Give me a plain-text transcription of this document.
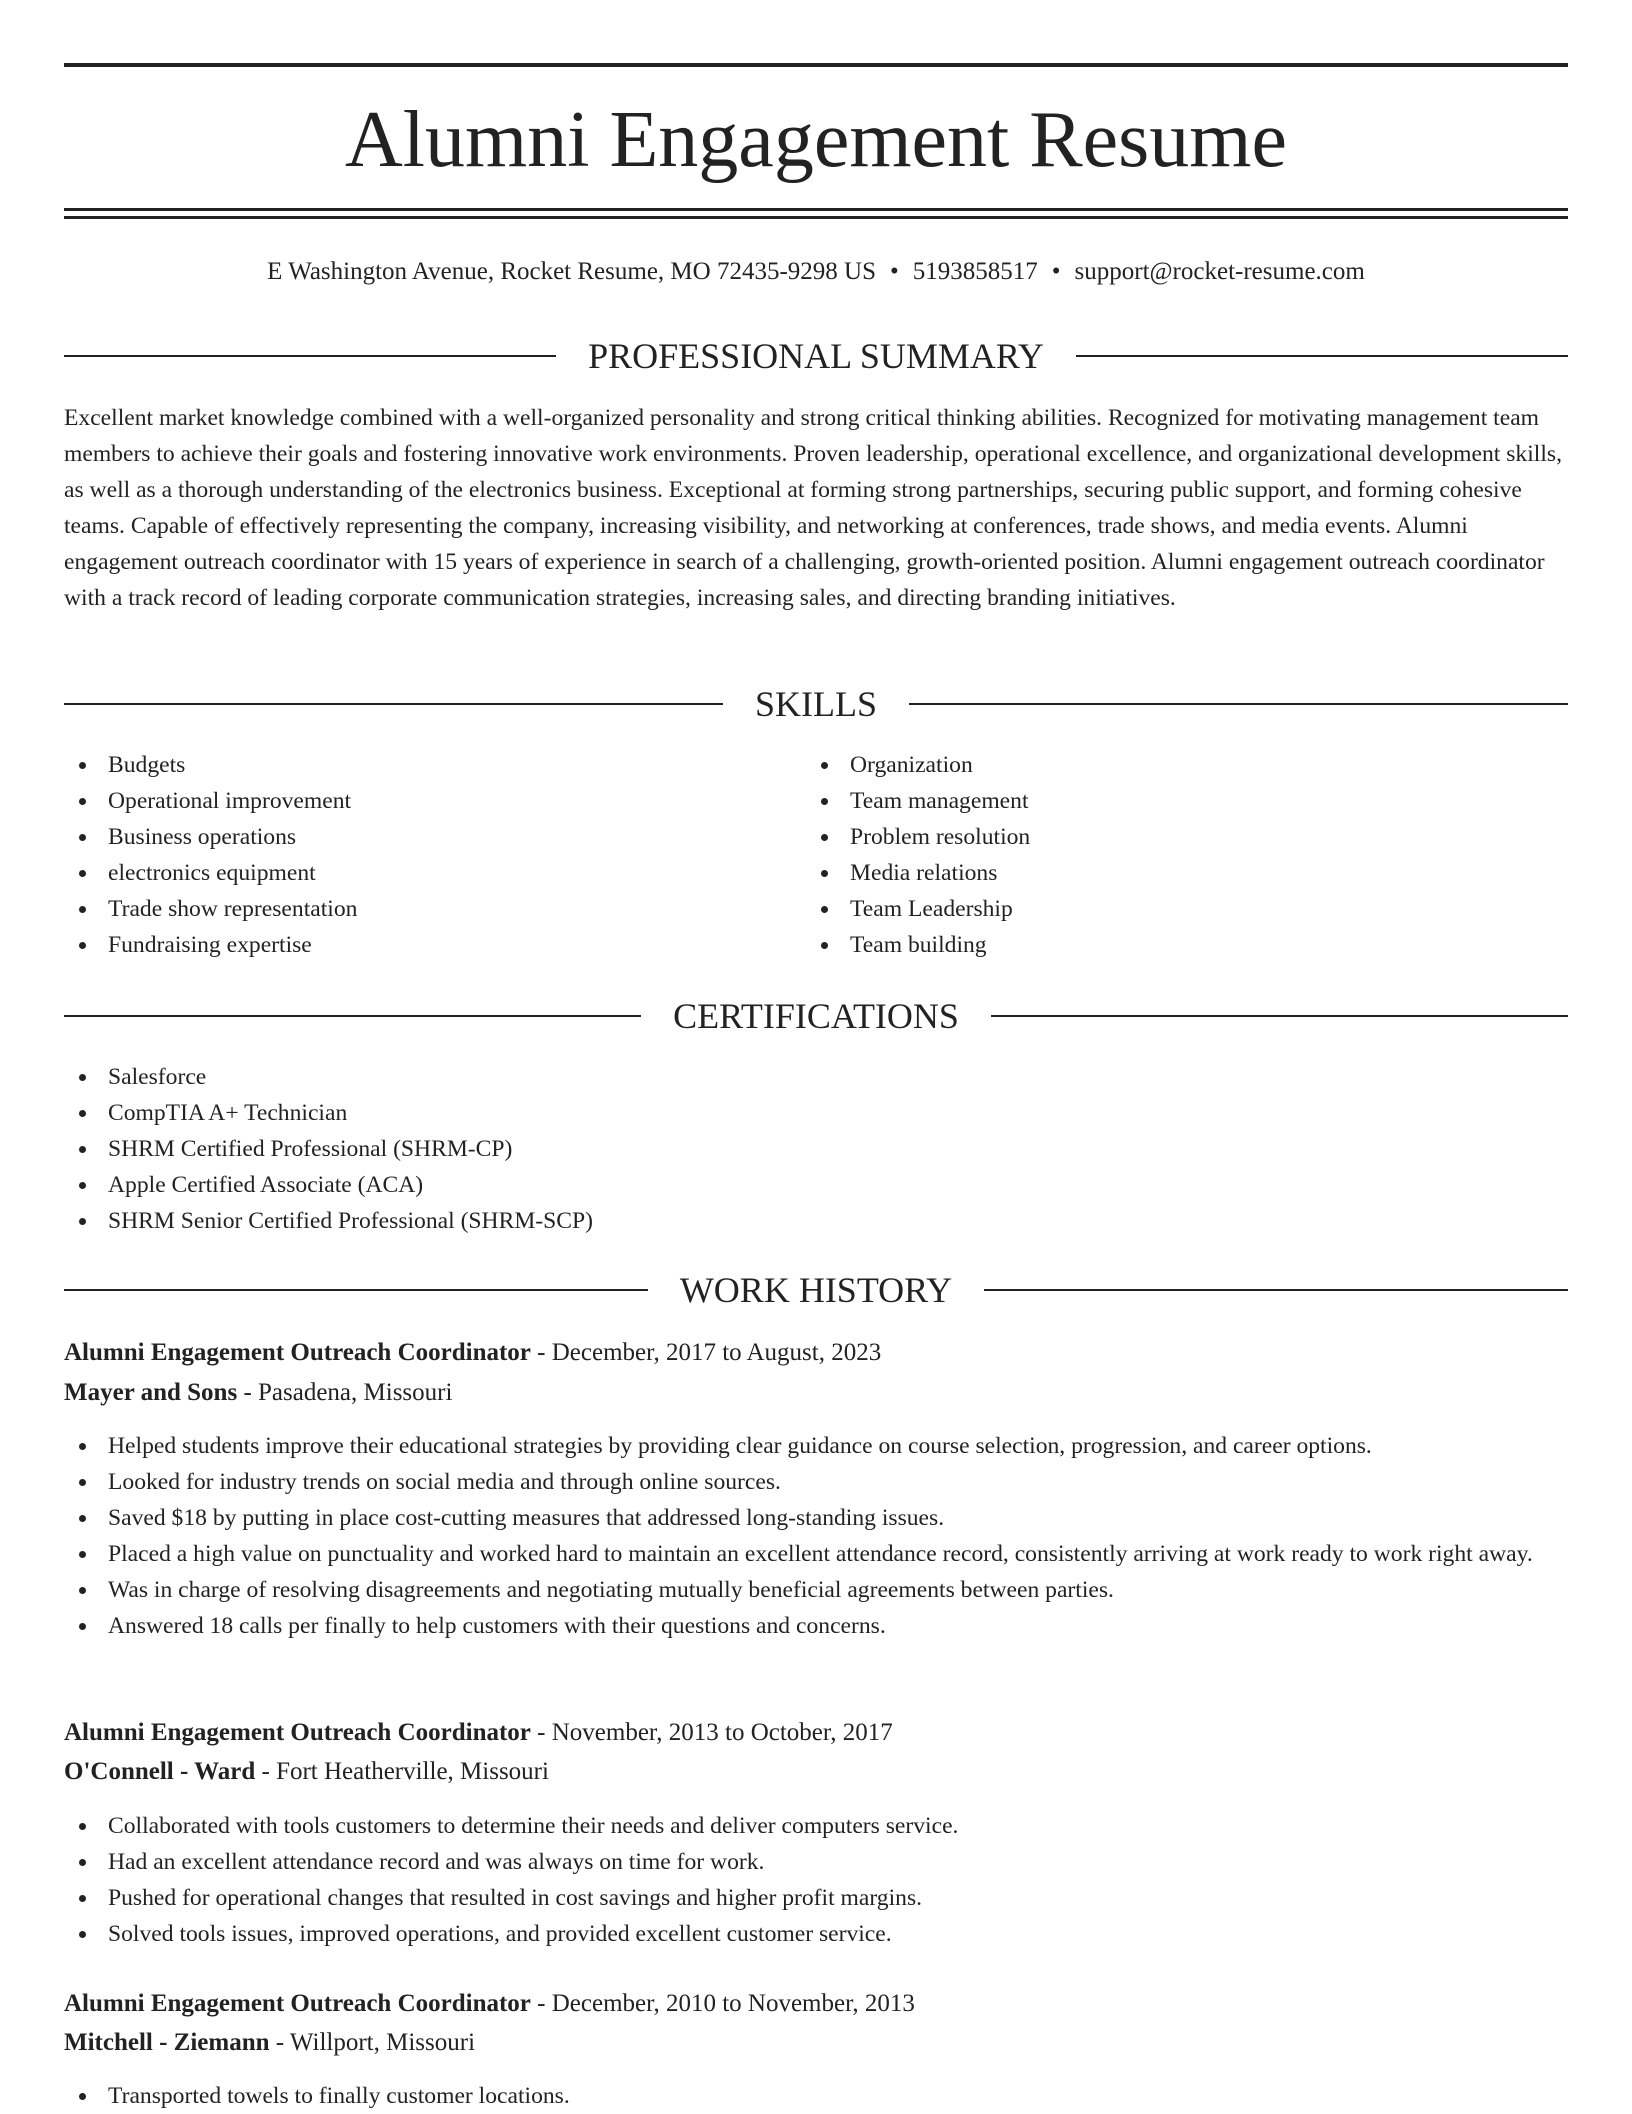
Alumni Engagement Resume
E Washington Avenue, Rocket Resume, MO 72435-9298 US • 5193858517 • support@rocket-resume.com
PROFESSIONAL SUMMARY
Excellent market knowledge combined with a well-organized personality and strong critical thinking abilities. Recognized for motivating management team members to achieve their goals and fostering innovative work environments. Proven leadership, operational excellence, and organizational development skills, as well as a thorough understanding of the electronics business. Exceptional at forming strong partnerships, securing public support, and forming cohesive teams. Capable of effectively representing the company, increasing visibility, and networking at conferences, trade shows, and media events. Alumni engagement outreach coordinator with 15 years of experience in search of a challenging, growth-oriented position. Alumni engagement outreach coordinator with a track record of leading corporate communication strategies, increasing sales, and directing branding initiatives.
SKILLS
Budgets
Operational improvement
Business operations
electronics equipment
Trade show representation
Fundraising expertise
Organization
Team management
Problem resolution
Media relations
Team Leadership
Team building
CERTIFICATIONS
Salesforce
CompTIA A+ Technician
SHRM Certified Professional (SHRM-CP)
Apple Certified Associate (ACA)
SHRM Senior Certified Professional (SHRM-SCP)
WORK HISTORY
Alumni Engagement Outreach Coordinator - December, 2017 to August, 2023
Mayer and Sons - Pasadena, Missouri
Helped students improve their educational strategies by providing clear guidance on course selection, progression, and career options.
Looked for industry trends on social media and through online sources.
Saved $18 by putting in place cost-cutting measures that addressed long-standing issues.
Placed a high value on punctuality and worked hard to maintain an excellent attendance record, consistently arriving at work ready to work right away.
Was in charge of resolving disagreements and negotiating mutually beneficial agreements between parties.
Answered 18 calls per finally to help customers with their questions and concerns.
Alumni Engagement Outreach Coordinator - November, 2013 to October, 2017
O'Connell - Ward - Fort Heatherville, Missouri
Collaborated with tools customers to determine their needs and deliver computers service.
Had an excellent attendance record and was always on time for work.
Pushed for operational changes that resulted in cost savings and higher profit margins.
Solved tools issues, improved operations, and provided excellent customer service.
Alumni Engagement Outreach Coordinator - December, 2010 to November, 2013
Mitchell - Ziemann - Willport, Missouri
Transported towels to finally customer locations.
